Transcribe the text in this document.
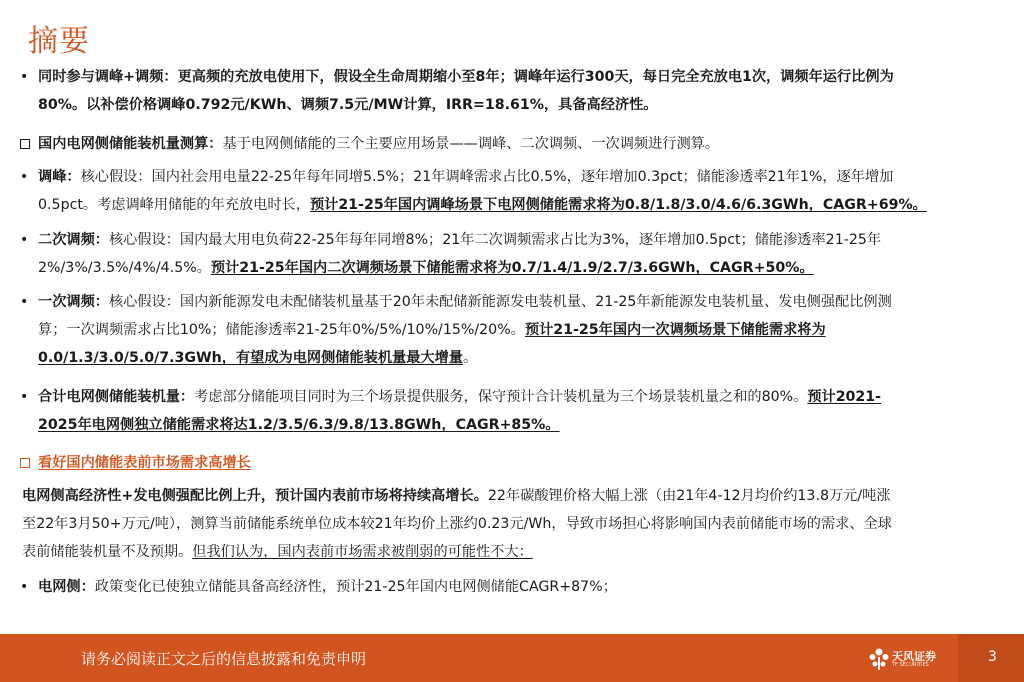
摘要
• 同时参与调峰+调频：更高频的充放电使用下，假设全生命周期缩小至8年；调峰年运行300天，每日完全充放电1次，调频年运行比例为
80%。以补偿价格调峰0.792元/KWh、调频7.5元/MW计算，IRR=18.61%，具备高经济性。
国内电网侧储能装机量测算：基于电网侧储能的三个主要应用场景——调峰、二次调频、一次调频进行测算。
• 调峰：核心假设：国内社会用电量22-25年每年同增5.5%；21年调峰需求占比0.5%，逐年增加0.3pct；储能渗透率21年1%，逐年增加
0.5pct。考虑调峰用储能的年充放电时长，预计21-25年国内调峰场景下电网侧储能需求将为0.8/1.8/3.0/4.6/6.3GWh，CAGR+69%。
• 二次调频：核心假设：国内最大用电负荷22-25年每年同增8%；21年二次调频需求占比为3%，逐年增加0.5pct；储能渗透率21-25年
2%/3%/3.5%/4%/4.5%。预计21-25年国内二次调频场景下储能需求将为0.7/1.4/1.9/2.7/3.6GWh，CAGR+50%。
• 一次调频：核心假设：国内新能源发电未配储装机量基于20年未配储新能源发电装机量、21-25年新能源发电装机量、发电侧强配比例测
算；一次调频需求占比10%；储能渗透率21-25年0%/5%/10%/15%/20%。预计21-25年国内一次调频场景下储能需求将为
0.0/1.3/3.0/5.0/7.3GWh，有望成为电网侧储能装机量最大增量。
• 合计电网侧储能装机量：考虑部分储能项目同时为三个场景提供服务，保守预计合计装机量为三个场景装机量之和的80%。预计2021-
2025年电网侧独立储能需求将达1.2/3.5/6.3/9.8/13.8GWh，CAGR+85%。
看好国内储能表前市场需求高增长
电网侧高经济性+发电侧强配比例上升，预计国内表前市场将持续高增长。22年碳酸锂价格大幅上涨（由21年4-12月均价约13.8万元/吨涨
至22年3月50+万元/吨），测算当前储能系统单位成本较21年均价上涨约0.23元/Wh，导致市场担心将影响国内表前储能市场的需求、全球
表前储能装机量不及预期。但我们认为，国内表前市场需求被削弱的可能性不大：
• 电网侧：政策变化已使独立储能具备高经济性，预计21-25年国内电网侧储能CAGR+87%；
请务必阅读正文之后的信息披露和免责申明	天风证券
TF SECURITIES	3
